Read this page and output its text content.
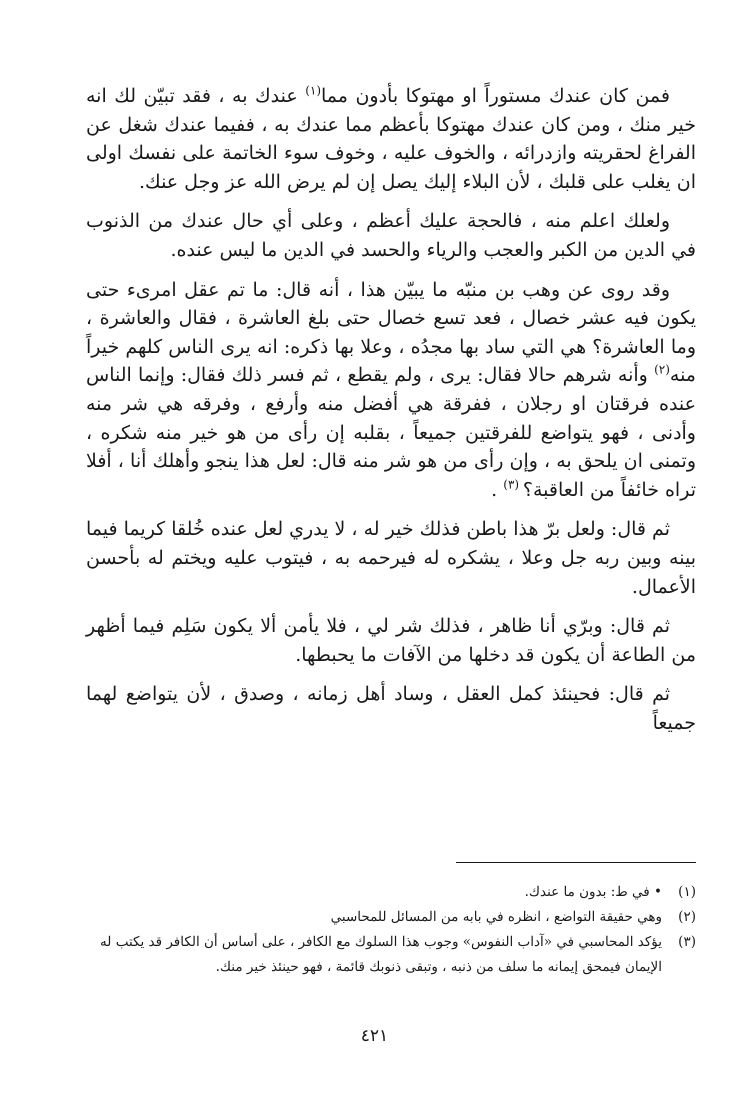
فمن كان عندك مستوراً او مهتوكا بأدون مما$^{(١)}$ عندك به ، فقد تبيّن لك انه خير منك ، ومن كان عندك مهتوكا بأعظم مما عندك به ، ففيما عندك شغل عن الفراغ لحقريته وازدرائه ، والخوف عليه ، وخوف سوء الخاتمة على نفسك اولى ان يغلب على قلبك ، لأن البلاء إليك يصل إن لم يرض الله عز وجل عنك.

ولعلك اعلم منه ، فالحجة عليك أعظم ، وعلى أي حال عندك من الذنوب في الدين من الكبر والعجب والرياء والحسد في الدين ما ليس عنده.

وقد روى عن وهب بن منبّه ما يبيّن هذا ، أنه قال: ما تم عقل امرىء حتى يكون فيه عشر خصال ، فعد تسع خصال حتى بلغ العاشرة ، فقال والعاشرة ، وما العاشرة؟ هي التي ساد بها مجدُه ، وعلا بها ذكره: انه يرى الناس كلهم خيراً منه$^{(٢)}$ وأنه شرهم حالا فقال: يرى ، ولم يقطع ، ثم فسر ذلك فقال: وإنما الناس عنده فرقتان او رجلان ، ففرقة هي أفضل منه وأرفع ، وفرقه هي شر منه وأدنى ، فهو يتواضع للفرقتين جميعاً ، بقلبه إن رأى من هو خير منه شكره ، وتمنى ان يلحق به ، وإن رأى من هو شر منه قال: لعل هذا ينجو وأهلك أنا ، أفلا تراه خائفاً من العاقبة؟ $^{(٣)}$ .

ثم قال: ولعل برّ هذا باطن فذلك خير له ، لا يدري لعل عنده خُلقا كريما فيما بينه وبين ربه جل وعلا ، يشكره له فيرحمه به ، فيتوب عليه ويختم له بأحسن الأعمال.

ثم قال: وبرّي أنا ظاهر ، فذلك شر لي ، فلا يأمن ألا يكون سَلِم فيما أظهر من الطاعة أن يكون قد دخلها من الآفات ما يحبطها.

ثم قال: فحينئذ كمل العقل ، وساد أهل زمانه ، وصدق ، لأن يتواضع لهما جميعاً

(١)
• في ط: بدون ما عندك.

(٢)
وهي حقيقة التواضع ، انظره في بابه من المسائل للمحاسبي

(٣)
يؤكد المحاسبي في «آداب النفوس» وجوب هذا السلوك مع الكافر ، على أساس أن الكافر قد يكتب له الإيمان فيمحق إيمانه ما سلف من ذنبه ، وتبقى ذنوبك قائمة ، فهو حينئذ خير منك.

٤٢١
